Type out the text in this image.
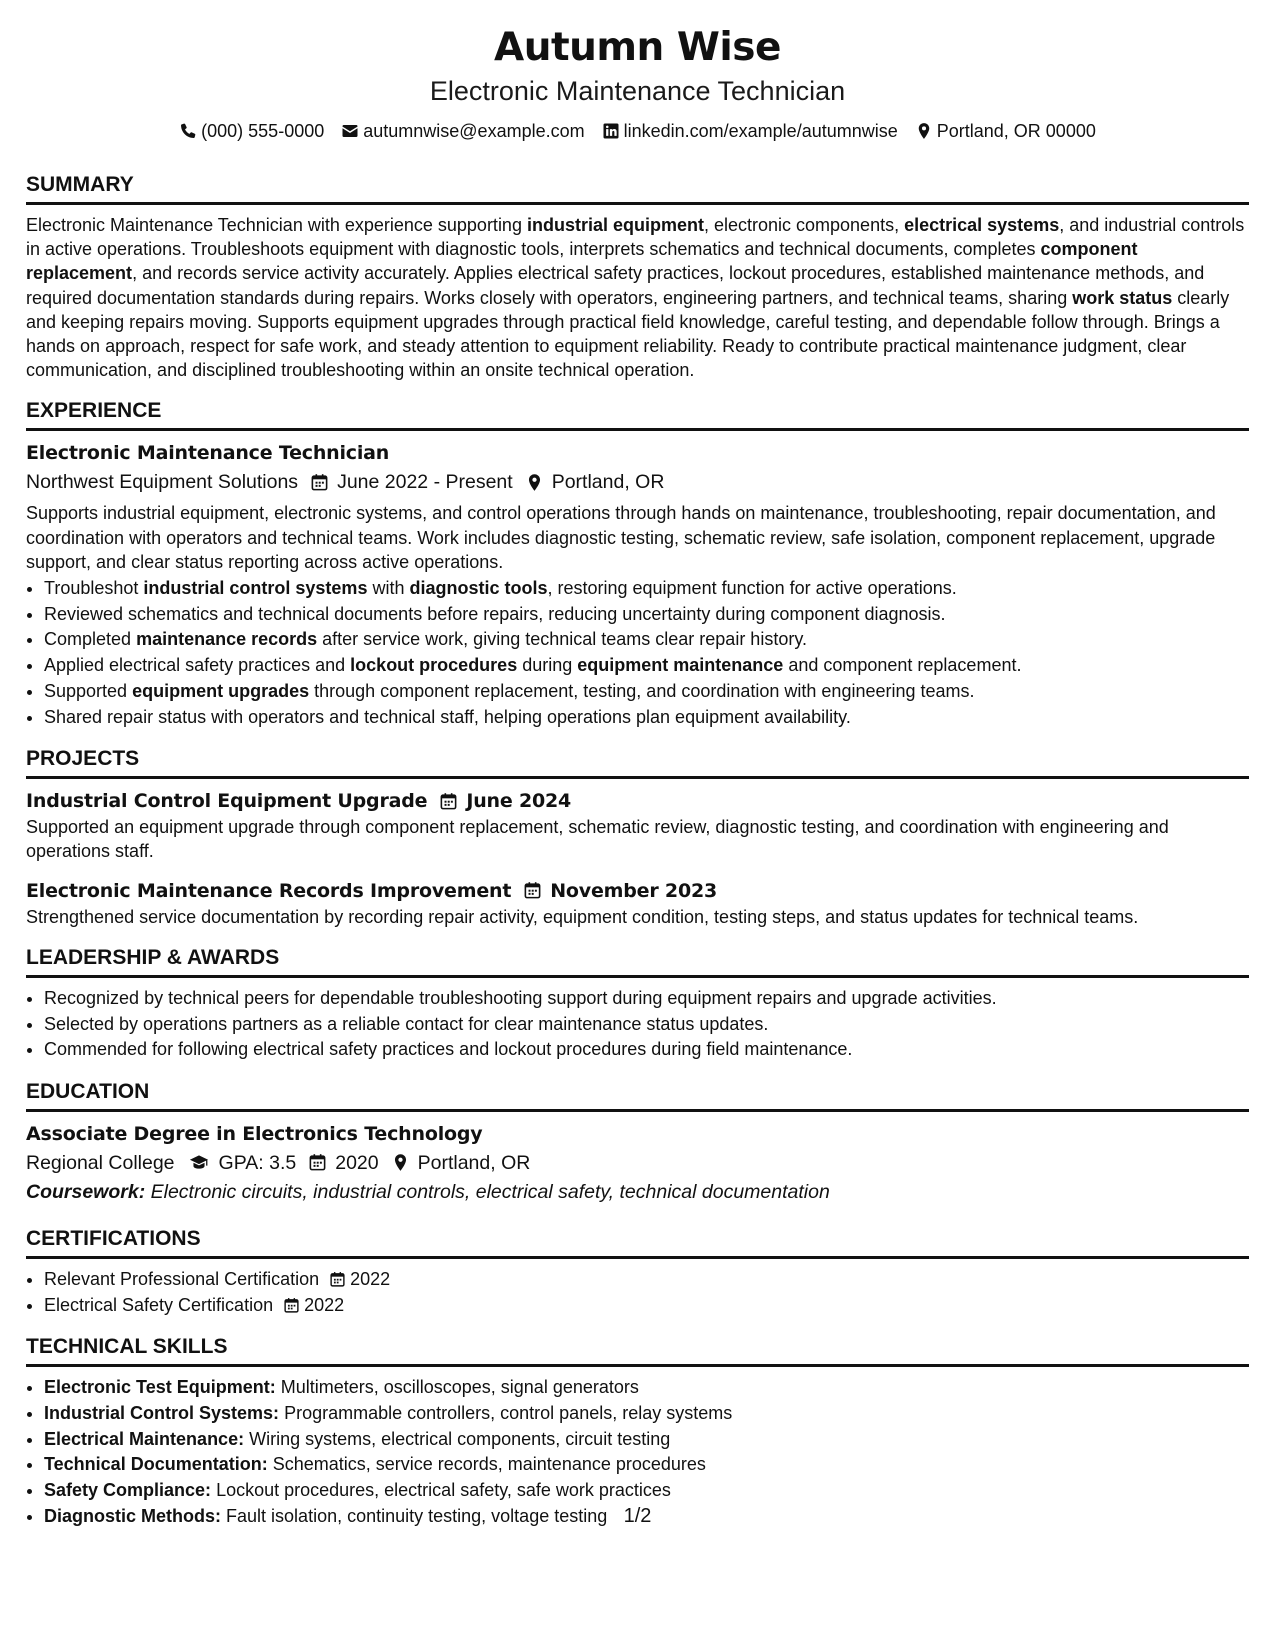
Autumn Wise
Electronic Maintenance Technician
(000) 555-0000 autumnwise@example.com linkedin.com/example/autumnwise Portland, OR 00000
SUMMARY

Electronic Maintenance Technician with experience supporting industrial equipment, electronic components, electrical systems, and industrial controls in active operations. Troubleshoots equipment with diagnostic tools, interprets schematics and technical documents, completes component replacement, and records service activity accurately. Applies electrical safety practices, lockout procedures, established maintenance methods, and required documentation standards during repairs. Works closely with operators, engineering partners, and technical teams, sharing work status clearly and keeping repairs moving. Supports equipment upgrades through practical field knowledge, careful testing, and dependable follow through. Brings a hands on approach, respect for safe work, and steady attention to equipment reliability. Ready to contribute practical maintenance judgment, clear communication, and disciplined troubleshooting within an onsite technical operation.

EXPERIENCE
Electronic Maintenance Technician
Northwest Equipment Solutions June 2022 - Present Portland, OR

Supports industrial equipment, electronic systems, and control operations through hands on maintenance, troubleshooting, repair documentation, and coordination with operators and technical teams. Work includes diagnostic testing, schematic review, safe isolation, component replacement, upgrade support, and clear status reporting across active operations.

• Troubleshot industrial control systems with diagnostic tools, restoring equipment function for active operations.
• Reviewed schematics and technical documents before repairs, reducing uncertainty during component diagnosis.
• Completed maintenance records after service work, giving technical teams clear repair history.
• Applied electrical safety practices and lockout procedures during equipment maintenance and component replacement.
• Supported equipment upgrades through component replacement, testing, and coordination with engineering teams.
• Shared repair status with operators and technical staff, helping operations plan equipment availability.
PROJECTS
Industrial Control Equipment Upgrade June 2024

Supported an equipment upgrade through component replacement, schematic review, diagnostic testing, and coordination with engineering and operations staff.

Electronic Maintenance Records Improvement November 2023

Strengthened service documentation by recording repair activity, equipment condition, testing steps, and status updates for technical teams.

LEADERSHIP & AWARDS
• Recognized by technical peers for dependable troubleshooting support during equipment repairs and upgrade activities.
• Selected by operations partners as a reliable contact for clear maintenance status updates.
• Commended for following electrical safety practices and lockout procedures during field maintenance.
EDUCATION
Associate Degree in Electronics Technology
Regional College GPA: 3.5 2020 Portland, OR
Coursework: Electronic circuits, industrial controls, electrical safety, technical documentation
CERTIFICATIONS
• Relevant Professional Certification 2022
• Electrical Safety Certification 2022
TECHNICAL SKILLS
• Electronic Test Equipment: Multimeters, oscilloscopes, signal generators
• Industrial Control Systems: Programmable controllers, control panels, relay systems
• Electrical Maintenance: Wiring systems, electrical components, circuit testing
• Technical Documentation: Schematics, service records, maintenance procedures
• Safety Compliance: Lockout procedures, electrical safety, safe work practices
• Diagnostic Methods: Fault isolation, continuity testing, voltage testing 1/2
